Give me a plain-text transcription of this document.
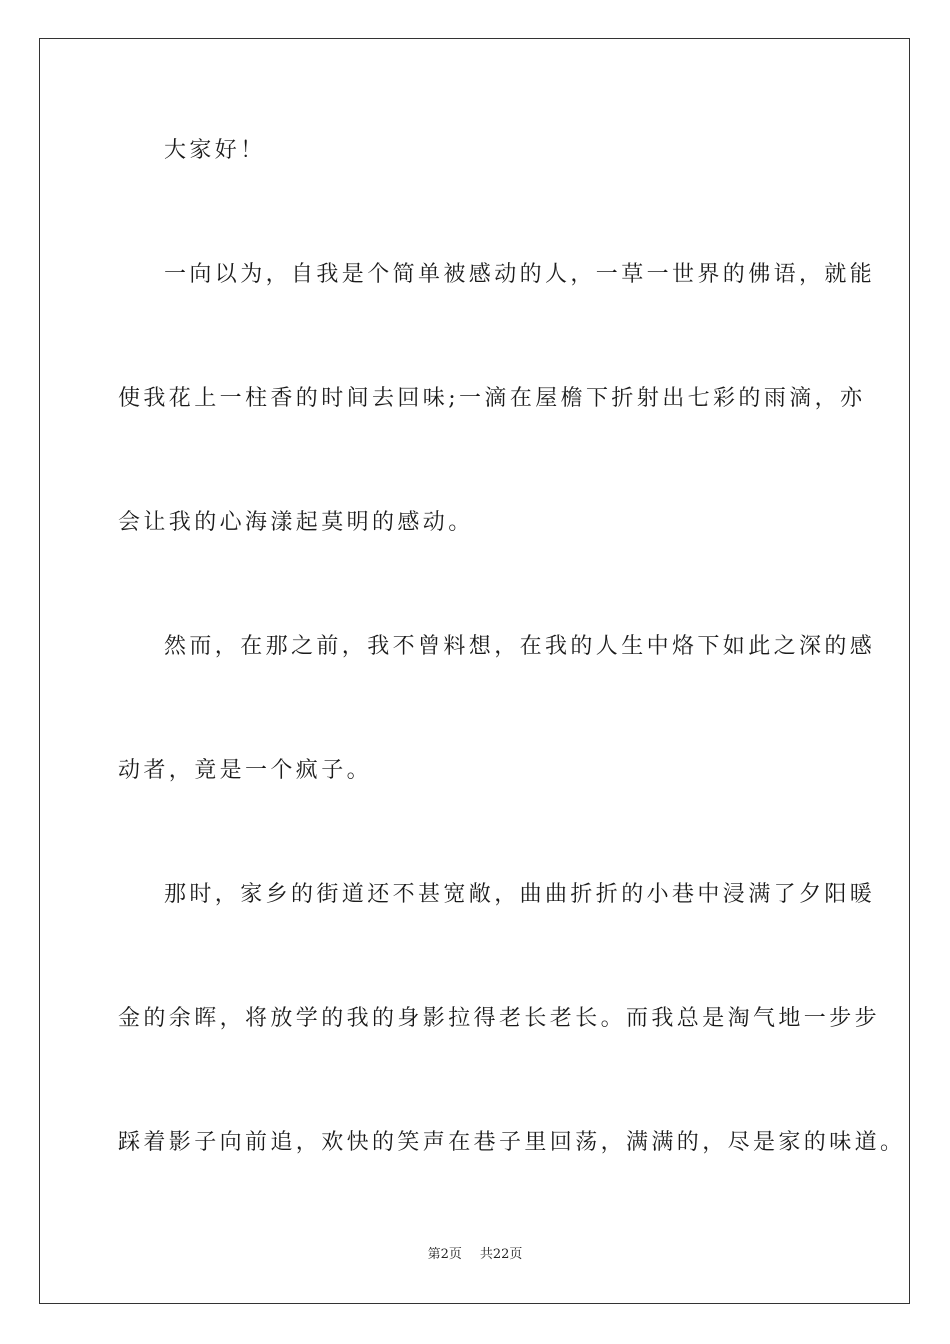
大家好！
一向以为，自我是个简单被感动的人，一草一世界的佛语，就能
使我花上一柱香的时间去回味;一滴在屋檐下折射出七彩的雨滴，亦
会让我的心海漾起莫明的感动。
然而，在那之前，我不曾料想，在我的人生中烙下如此之深的感
动者，竟是一个疯子。
那时，家乡的街道还不甚宽敞，曲曲折折的小巷中浸满了夕阳暖
金的余晖，将放学的我的身影拉得老长老长。而我总是淘气地一步步
踩着影子向前追，欢快的笑声在巷子里回荡，满满的，尽是家的味道。
第2页 共22页
